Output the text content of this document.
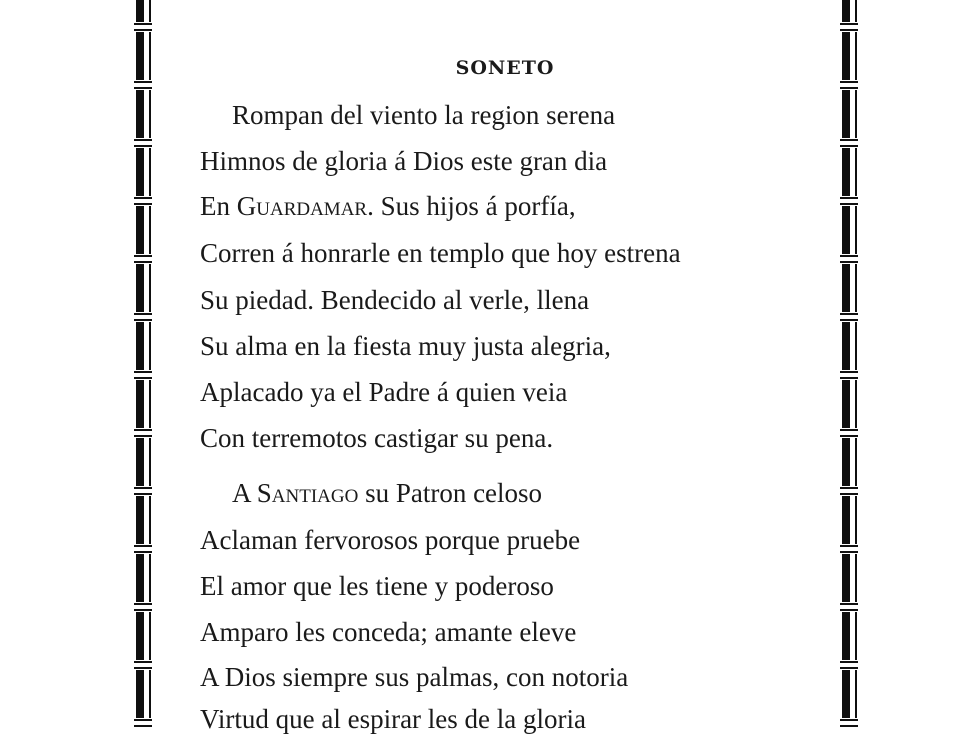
SONETO
Rompan del viento la region serena
Himnos de gloria á Dios este gran dia
En Guardamar. Sus hijos á porfía,
Corren á honrarle en templo que hoy estrena
Su piedad. Bendecido al verle, llena
Su alma en la fiesta muy justa alegria,
Aplacado ya el Padre á quien veia
Con terremotos castigar su pena.
A Santiago su Patron celoso
Aclaman fervorosos porque pruebe
El amor que les tiene y poderoso
Amparo les conceda; amante eleve
A Dios siempre sus palmas, con notoria
Virtud que al espirar les de la gloria
